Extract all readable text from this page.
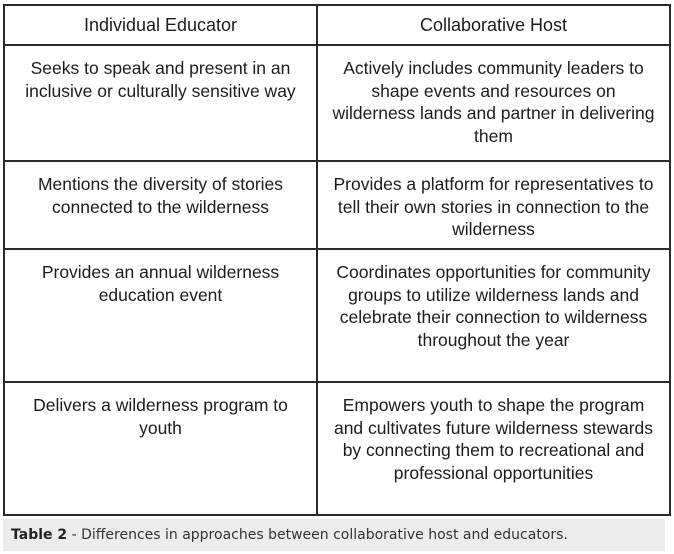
Individual Educator	Collaborative Host
Seeks to speak and present in an inclusive or culturally sensitive way	Actively includes community leaders to shape events and resources on wilderness lands and partner in delivering them
Mentions the diversity of stories connected to the wilderness	Provides a platform for representatives to tell their own stories in connection to the wilderness
Provides an annual wilderness education event	Coordinates opportunities for community groups to utilize wilderness lands and celebrate their connection to wilderness throughout the year
Delivers a wilderness program to youth	Empowers youth to shape the program and cultivates future wilderness stewards by connecting them to recreational and professional opportunities
Table 2 - Differences in approaches between collaborative host and educators.
